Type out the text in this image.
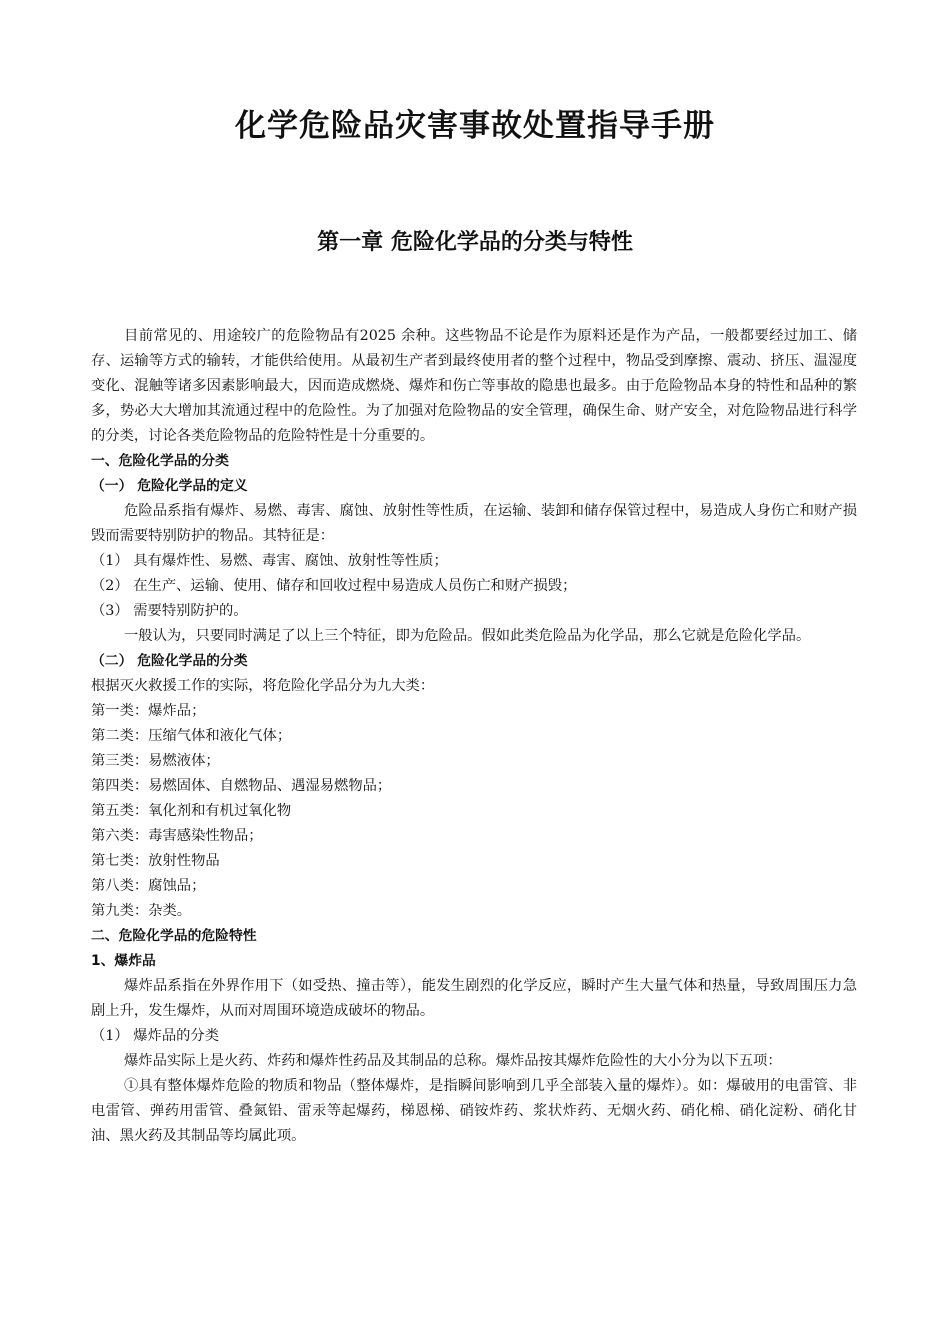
化学危险品灾害事故处置指导手册
第一章 危险化学品的分类与特性

目前常见的、用途较广的危险物品有2025 余种。这些物品不论是作为原料还是作为产品，一般都要经过加工、储存、运输等方式的输转，才能供给使用。从最初生产者到最终使用者的整个过程中，物品受到摩擦、震动、挤压、温湿度变化、混触等诸多因素影响最大，因而造成燃烧、爆炸和伤亡等事故的隐患也最多。由于危险物品本身的特性和品种的繁多，势必大大增加其流通过程中的危险性。为了加强对危险物品的安全管理，确保生命、财产安全，对危险物品进行科学的分类，讨论各类危险物品的危险特性是十分重要的。

一、危险化学品的分类

（一） 危险化学品的定义

危险品系指有爆炸、易燃、毒害、腐蚀、放射性等性质，在运输、装卸和储存保管过程中，易造成人身伤亡和财产损毁而需要特别防护的物品。其特征是：

（1） 具有爆炸性、易燃、毒害、腐蚀、放射性等性质；

（2） 在生产、运输、使用、储存和回收过程中易造成人员伤亡和财产损毁；

（3） 需要特别防护的。

一般认为，只要同时满足了以上三个特征，即为危险品。假如此类危险品为化学品，那么它就是危险化学品。

（二） 危险化学品的分类

根据灭火救援工作的实际，将危险化学品分为九大类：

第一类：爆炸品；

第二类：压缩气体和液化气体；

第三类：易燃液体；

第四类：易燃固体、自燃物品、遇湿易燃物品；

第五类：氧化剂和有机过氧化物

第六类：毒害感染性物品；

第七类：放射性物品

第八类：腐蚀品；

第九类：杂类。

二、危险化学品的危险特性

1、爆炸品

爆炸品系指在外界作用下（如受热、撞击等），能发生剧烈的化学反应，瞬时产生大量气体和热量，导致周围压力急剧上升，发生爆炸，从而对周围环境造成破坏的物品。

（1） 爆炸品的分类

爆炸品实际上是火药、炸药和爆炸性药品及其制品的总称。爆炸品按其爆炸危险性的大小分为以下五项：

①具有整体爆炸危险的物质和物品（整体爆炸，是指瞬间影响到几乎全部装入量的爆炸）。如：爆破用的电雷管、非电雷管、弹药用雷管、叠氮铅、雷汞等起爆药，梯恩梯、硝铵炸药、浆状炸药、无烟火药、硝化棉、硝化淀粉、硝化甘油、黑火药及其制品等均属此项。
